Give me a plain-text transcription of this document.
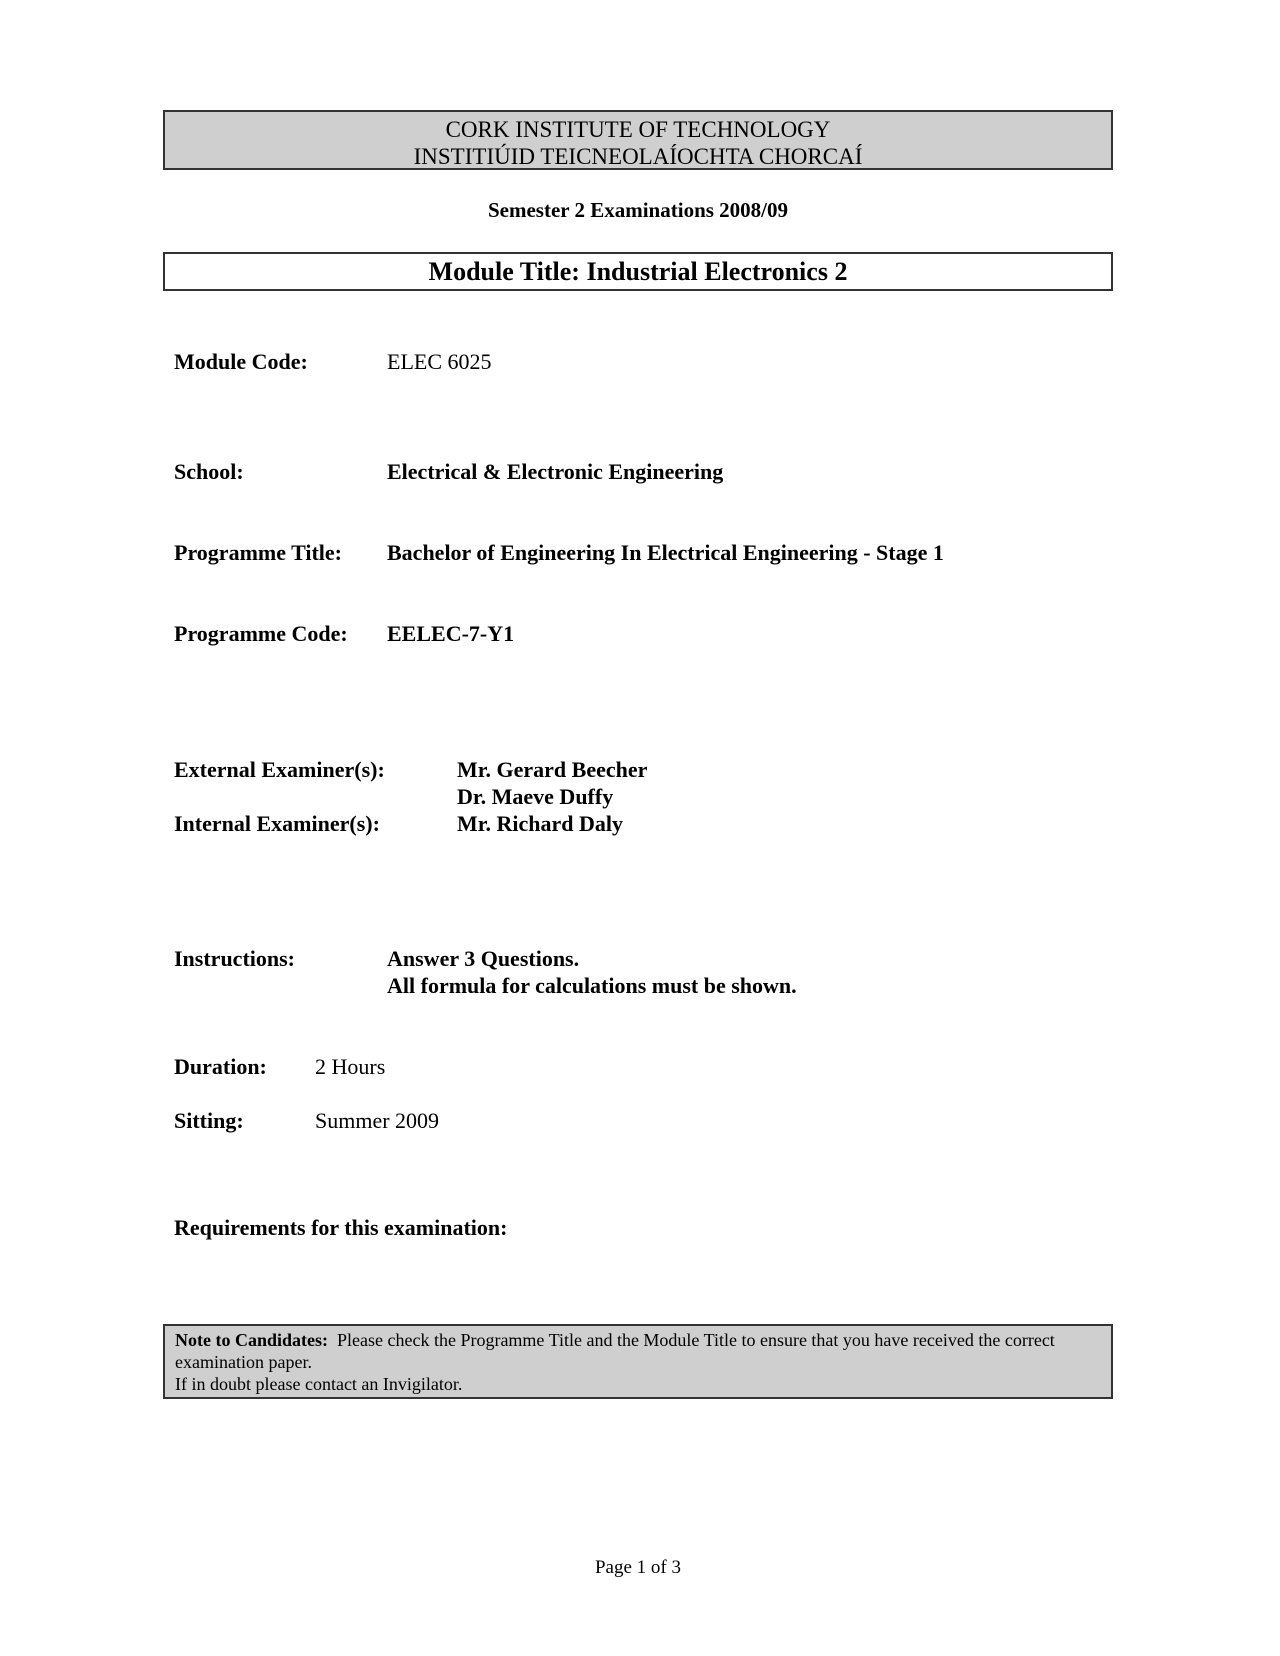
CORK INSTITUTE OF TECHNOLOGY
INSTITIÚID TEICNEOLAÍOCHTA CHORCAÍ
Semester 2 Examinations 2008/09
Module Title: Industrial Electronics 2
Module Code:	ELEC 6025
School:	Electrical & Electronic Engineering
Programme Title: Bachelor of Engineering In Electrical Engineering - Stage 1
Programme Code: EELEC-7-Y1
External Examiner(s):	Mr. Gerard Beecher
Dr. Maeve Duffy
Internal Examiner(s):	Mr. Richard Daly
Instructions:	Answer 3 Questions.
All formula for calculations must be shown.
Duration: 2 Hours
Sitting:	Summer 2009
Requirements for this examination:
Note to Candidates: Please check the Programme Title and the Module Title to ensure that you have received the correct examination paper.
If in doubt please contact an Invigilator.
Page 1 of 3
